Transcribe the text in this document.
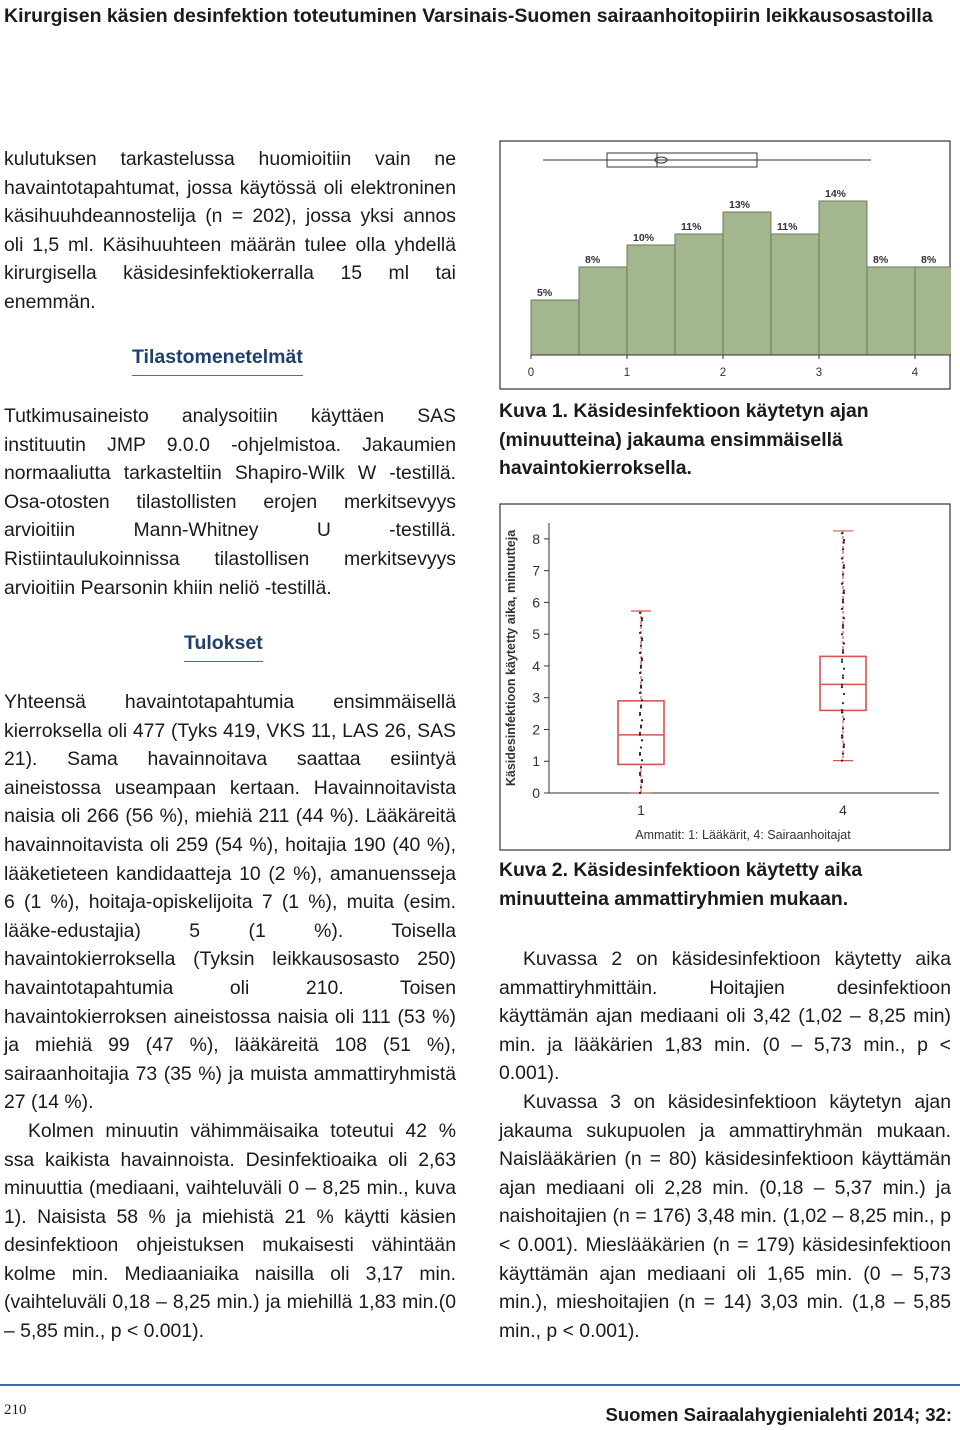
Kirurgisen käsien desinfektion toteutuminen Varsinais-Suomen sairaanhoitopiirin leikkausosastoilla

kulutuksen tarkastelussa huomioitiin vain ne havaintotapahtumat, jossa käytössä oli elektroninen käsihuuhdeannostelija (n = 202), jossa yksi annos oli 1,5 ml. Käsihuuhteen määrän tulee olla yhdellä kirurgisella käsidesinfektiokerralla 15 ml tai enemmän.

Tilastomenetelmät

Tutkimusaineisto analysoitiin käyttäen SAS instituutin JMP 9.0.0 -ohjelmistoa. Jakaumien normaaliutta tarkasteltiin Shapiro-Wilk W -testillä. Osa-otosten tilastollisten erojen merkitsevyys arvioitiin Mann-Whitney U -testillä. Ristiintaulukoinnissa tilastollisen merkitsevyys arvioitiin Pearsonin khiin neliö -testillä.

Tulokset

Yhteensä havaintotapahtumia ensimmäisellä kierroksella oli 477 (Tyks 419, VKS 11, LAS 26, SAS 21). Sama havainnoitava saattaa esiintyä aineistossa useampaan kertaan. Havainnoitavista naisia oli 266 (56 %), miehiä 211 (44 %). Lääkäreitä havainnoitavista oli 259 (54 %), hoitajia 190 (40 %), lääketieteen kandidaatteja 10 (2 %), amanuensseja 6 (1 %), hoitaja-opiskelijoita 7 (1 %), muita (esim. lääke-edustajia) 5 (1 %). Toisella havaintokierroksella (Tyksin leikkausosasto 250) havaintotapahtumia oli 210. Toisen havaintokierroksen aineistossa naisia oli 111 (53 %) ja miehiä 99 (47 %), lääkäreitä 108 (51 %), sairaanhoitajia 73 (35 %) ja muista ammattiryhmistä 27 (14 %).

Kolmen minuutin vähimmäisaika toteutui 42 % ssa kaikista havainnoista. Desinfektioaika oli 2,63 minuuttia (mediaani, vaihteluväli 0 – 8,25 min., kuva 1). Naisista 58 % ja miehistä 21 % käytti käsien desinfektioon ohjeistuksen mukaisesti vähintään kolme min. Mediaaniaika naisilla oli 3,17 min. (vaihteluväli 0,18 – 8,25 min.) ja miehillä 1,83 min.(0 – 5,85 min., p < 0.001).

5%
8%
10%
11%
13%
11%
14%
8%	8%
0	1	2	3	4
Kuva 1. Käsidesinfektioon käytetyn ajan (minuutteina) jakauma ensimmäisellä havaintokierroksella.
0
1
2
3
4
5
6
7
8
Käsidesinfektioon käytetty aika, minuutteja
1	4
Ammatit: 1: Lääkärit, 4: Sairaanhoitajat
Kuva 2. Käsidesinfektioon käytetty aika minuutteina ammattiryhmien mukaan.

Kuvassa 2 on käsidesinfektioon käytetty aika ammattiryhmittäin. Hoitajien desinfektioon käyttämän ajan mediaani oli 3,42 (1,02 – 8,25 min) min. ja lääkärien 1,83 min. (0 – 5,73 min., p < 0.001).

Kuvassa 3 on käsidesinfektioon käytetyn ajan jakauma sukupuolen ja ammattiryhmän mukaan. Naislääkärien (n = 80) käsidesinfektioon käyttämän ajan mediaani oli 2,28 min. (0,18 – 5,37 min.) ja naishoitajien (n = 176) 3,48 min. (1,02 – 8,25 min., p < 0.001). Mieslääkärien (n = 179) käsidesinfektioon käyttämän ajan mediaani oli 1,65 min. (0 – 5,73 min.), mieshoitajien (n = 14) 3,03 min. (1,8 – 5,85 min., p < 0.001).

210	Suomen Sairaalahygienialehti 2014; 32:
